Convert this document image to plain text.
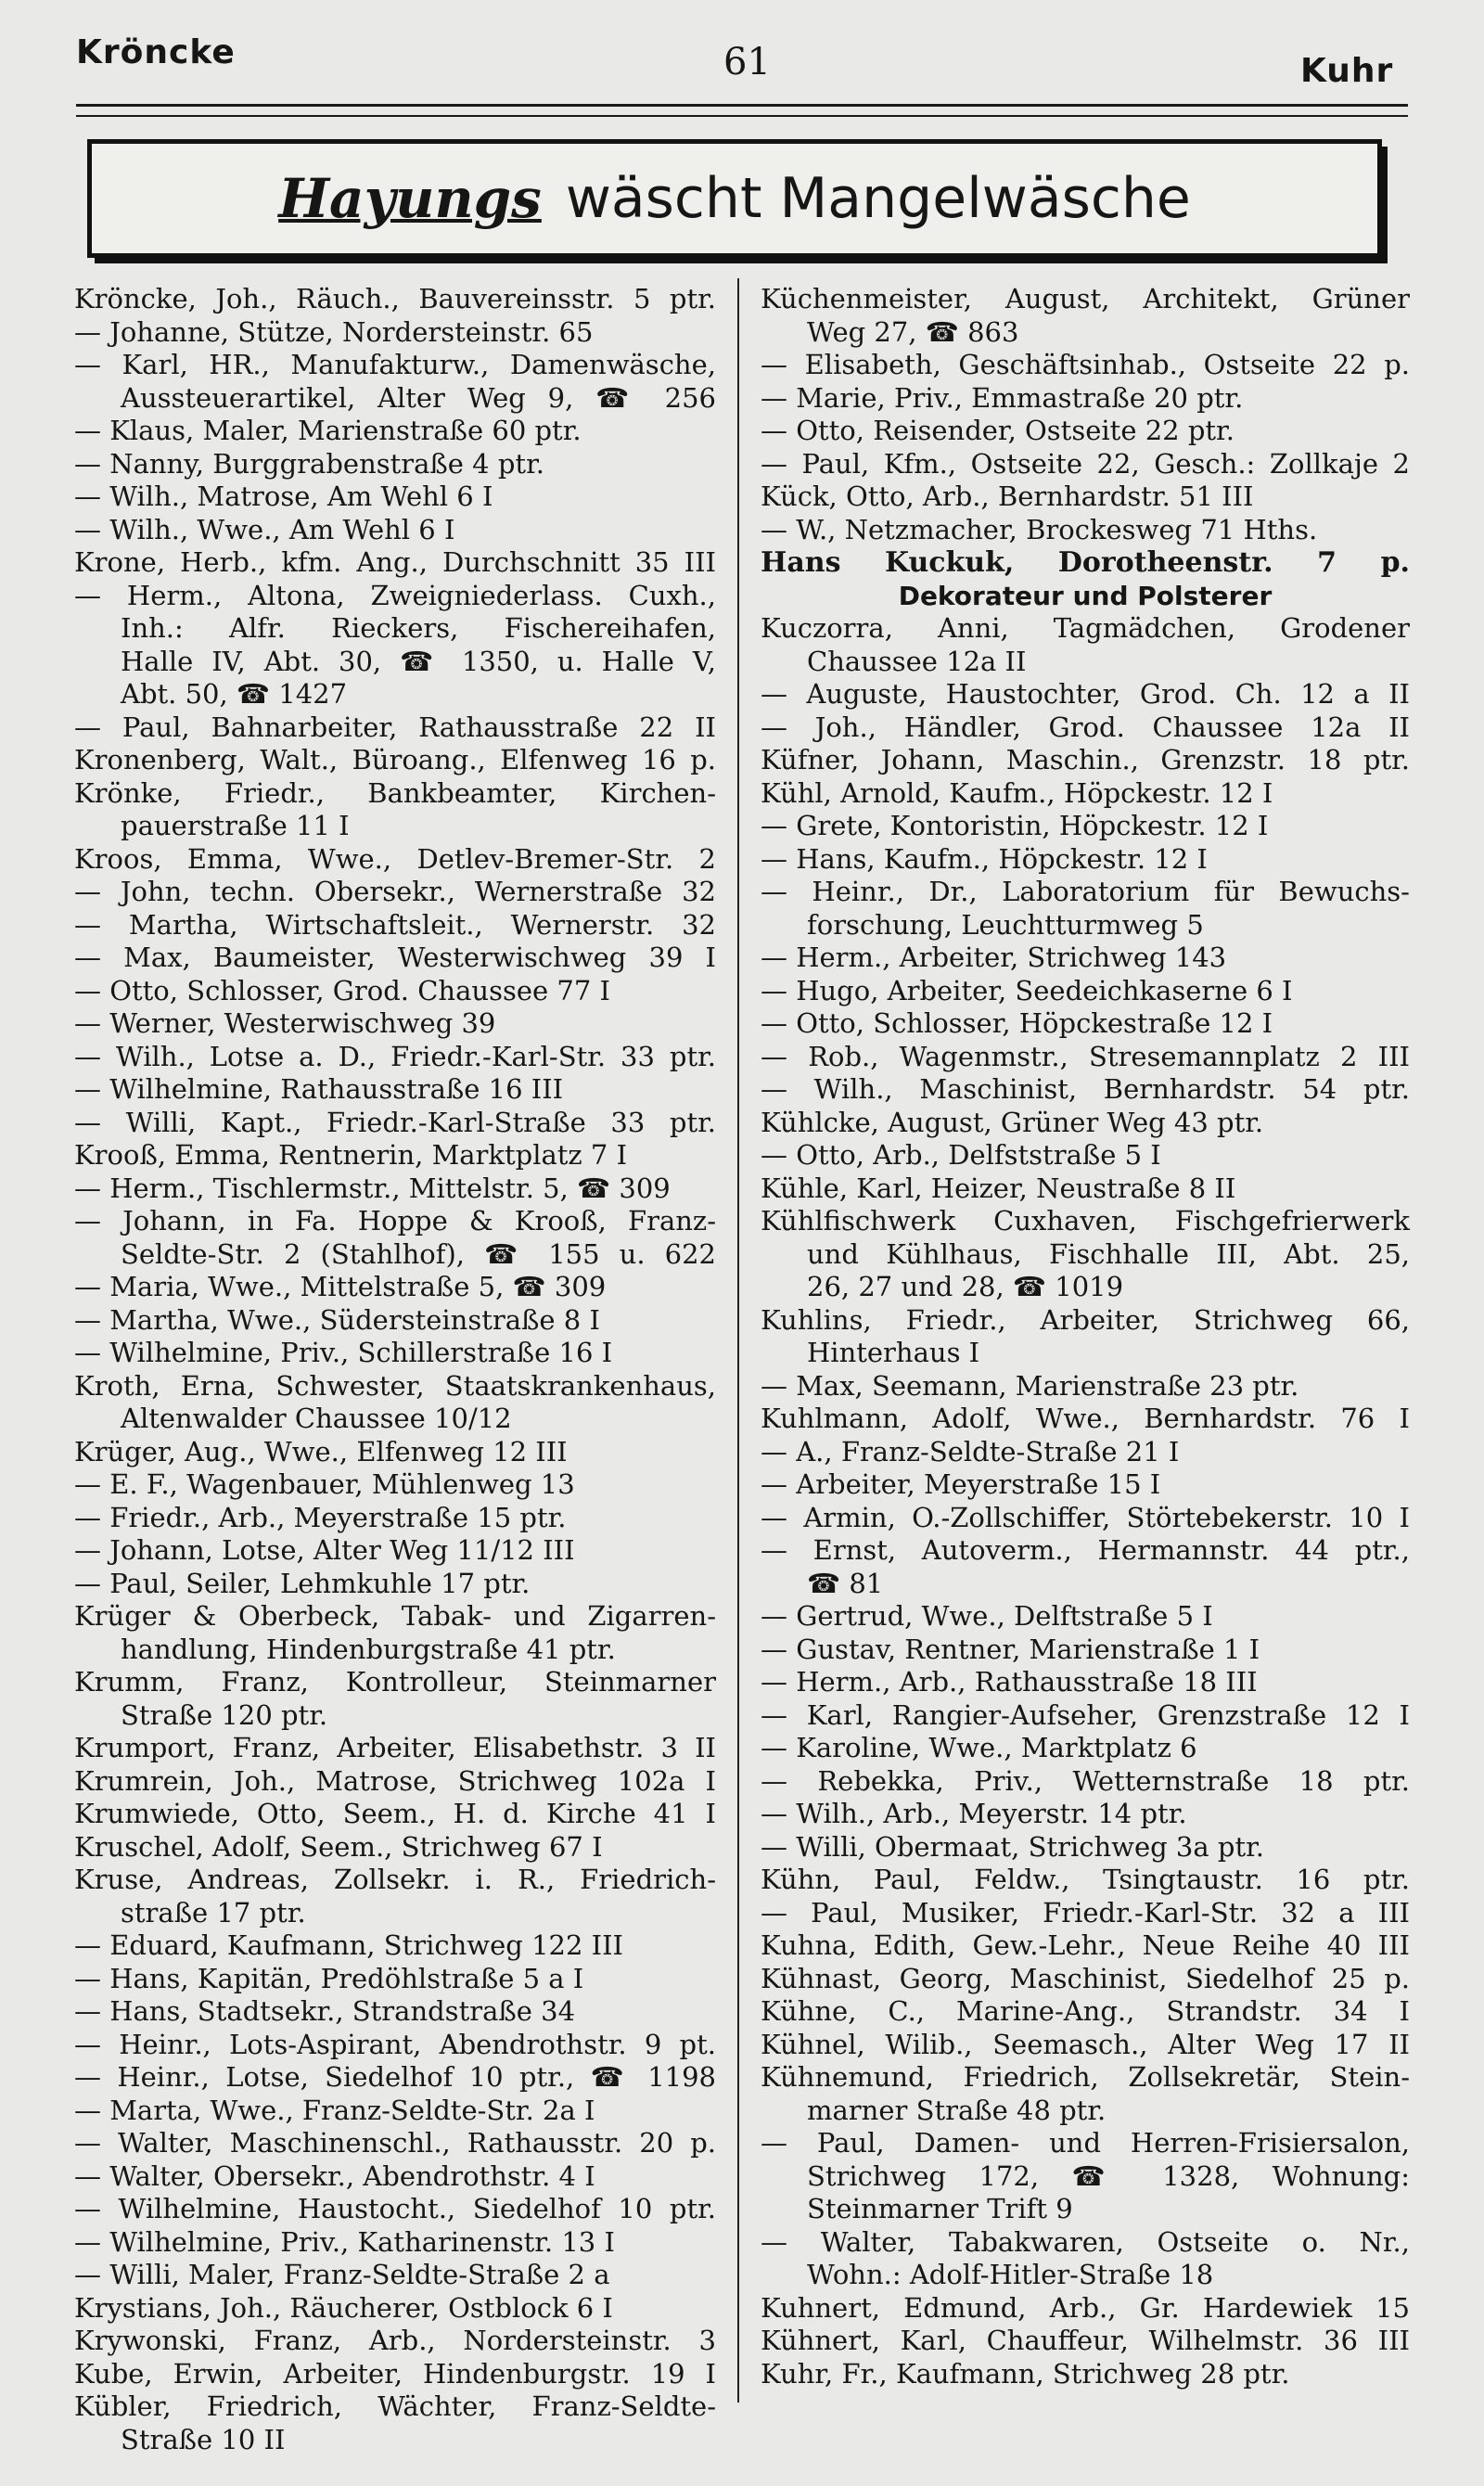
Kröncke	61	Kuhr
Hayungs wäscht Mangelwäsche
Kröncke, Joh., Räuch., Bauvereinsstr. 5 ptr.
— Johanne, Stütze, Nordersteinstr. 65
— Karl, HR., Manufakturw., Damenwäsche,
Aussteuerartikel, Alter Weg 9, ☎ 256
— Klaus, Maler, Marienstraße 60 ptr.
— Nanny, Burggrabenstraße 4 ptr.
— Wilh., Matrose, Am Wehl 6 I
— Wilh., Wwe., Am Wehl 6 I
Krone, Herb., kfm. Ang., Durchschnitt 35 III
— Herm., Altona, Zweigniederlass. Cuxh.,
Inh.: Alfr. Rieckers, Fischereihafen,
Halle IV, Abt. 30, ☎ 1350, u. Halle V,
Abt. 50, ☎ 1427
— Paul, Bahnarbeiter, Rathausstraße 22 II
Kronenberg, Walt., Büroang., Elfenweg 16 p.
Krönke, Friedr., Bankbeamter, Kirchen-
pauerstraße 11 I
Kroos, Emma, Wwe., Detlev-Bremer-Str. 2
— John, techn. Obersekr., Wernerstraße 32
— Martha, Wirtschaftsleit., Wernerstr. 32
— Max, Baumeister, Westerwischweg 39 I
— Otto, Schlosser, Grod. Chaussee 77 I
— Werner, Westerwischweg 39
— Wilh., Lotse a. D., Friedr.-Karl-Str. 33 ptr.
— Wilhelmine, Rathausstraße 16 III
— Willi, Kapt., Friedr.-Karl-Straße 33 ptr.
Krooß, Emma, Rentnerin, Marktplatz 7 I
— Herm., Tischlermstr., Mittelstr. 5, ☎ 309
— Johann, in Fa. Hoppe & Krooß, Franz-
Seldte-Str. 2 (Stahlhof), ☎ 155 u. 622
— Maria, Wwe., Mittelstraße 5, ☎ 309
— Martha, Wwe., Südersteinstraße 8 I
— Wilhelmine, Priv., Schillerstraße 16 I
Kroth, Erna, Schwester, Staatskrankenhaus,
Altenwalder Chaussee 10/12
Krüger, Aug., Wwe., Elfenweg 12 III
— E. F., Wagenbauer, Mühlenweg 13
— Friedr., Arb., Meyerstraße 15 ptr.
— Johann, Lotse, Alter Weg 11/12 III
— Paul, Seiler, Lehmkuhle 17 ptr.
Krüger & Oberbeck, Tabak- und Zigarren-
handlung, Hindenburgstraße 41 ptr.
Krumm, Franz, Kontrolleur, Steinmarner
Straße 120 ptr.
Krumport, Franz, Arbeiter, Elisabethstr. 3 II
Krumrein, Joh., Matrose, Strichweg 102a I
Krumwiede, Otto, Seem., H. d. Kirche 41 I
Kruschel, Adolf, Seem., Strichweg 67 I
Kruse, Andreas, Zollsekr. i. R., Friedrich-
straße 17 ptr.
— Eduard, Kaufmann, Strichweg 122 III
— Hans, Kapitän, Predöhlstraße 5 a I
— Hans, Stadtsekr., Strandstraße 34
— Heinr., Lots-Aspirant, Abendrothstr. 9 pt.
— Heinr., Lotse, Siedelhof 10 ptr., ☎ 1198
— Marta, Wwe., Franz-Seldte-Str. 2a I
— Walter, Maschinenschl., Rathausstr. 20 p.
— Walter, Obersekr., Abendrothstr. 4 I
— Wilhelmine, Haustocht., Siedelhof 10 ptr.
— Wilhelmine, Priv., Katharinenstr. 13 I
— Willi, Maler, Franz-Seldte-Straße 2 a
Krystians, Joh., Räucherer, Ostblock 6 I
Krywonski, Franz, Arb., Nordersteinstr. 3
Kube, Erwin, Arbeiter, Hindenburgstr. 19 I
Kübler, Friedrich, Wächter, Franz-Seldte-
Straße 10 II
Küchenmeister, August, Architekt, Grüner
Weg 27, ☎ 863
— Elisabeth, Geschäftsinhab., Ostseite 22 p.
— Marie, Priv., Emmastraße 20 ptr.
— Otto, Reisender, Ostseite 22 ptr.
— Paul, Kfm., Ostseite 22, Gesch.: Zollkaje 2
Kück, Otto, Arb., Bernhardstr. 51 III
— W., Netzmacher, Brockesweg 71 Hths.
Hans Kuckuk, Dorotheenstr. 7 p.
Dekorateur und Polsterer
Kuczorra, Anni, Tagmädchen, Grodener
Chaussee 12a II
— Auguste, Haustochter, Grod. Ch. 12 a II
— Joh., Händler, Grod. Chaussee 12a II
Küfner, Johann, Maschin., Grenzstr. 18 ptr.
Kühl, Arnold, Kaufm., Höpckestr. 12 I
— Grete, Kontoristin, Höpckestr. 12 I
— Hans, Kaufm., Höpckestr. 12 I
— Heinr., Dr., Laboratorium für Bewuchs-
forschung, Leuchtturmweg 5
— Herm., Arbeiter, Strichweg 143
— Hugo, Arbeiter, Seedeichkaserne 6 I
— Otto, Schlosser, Höpckestraße 12 I
— Rob., Wagenmstr., Stresemannplatz 2 III
— Wilh., Maschinist, Bernhardstr. 54 ptr.
Kühlcke, August, Grüner Weg 43 ptr.
— Otto, Arb., Delfststraße 5 I
Kühle, Karl, Heizer, Neustraße 8 II
Kühlfischwerk Cuxhaven, Fischgefrierwerk
und Kühlhaus, Fischhalle III, Abt. 25,
26, 27 und 28, ☎ 1019
Kuhlins, Friedr., Arbeiter, Strichweg 66,
Hinterhaus I
— Max, Seemann, Marienstraße 23 ptr.
Kuhlmann, Adolf, Wwe., Bernhardstr. 76 I
— A., Franz-Seldte-Straße 21 I
— Arbeiter, Meyerstraße 15 I
— Armin, O.-Zollschiffer, Störtebekerstr. 10 I
— Ernst, Autoverm., Hermannstr. 44 ptr.,
☎ 81
— Gertrud, Wwe., Delftstraße 5 I
— Gustav, Rentner, Marienstraße 1 I
— Herm., Arb., Rathausstraße 18 III
— Karl, Rangier-Aufseher, Grenzstraße 12 I
— Karoline, Wwe., Marktplatz 6
— Rebekka, Priv., Wetternstraße 18 ptr.
— Wilh., Arb., Meyerstr. 14 ptr.
— Willi, Obermaat, Strichweg 3a ptr.
Kühn, Paul, Feldw., Tsingtaustr. 16 ptr.
— Paul, Musiker, Friedr.-Karl-Str. 32 a III
Kuhna, Edith, Gew.-Lehr., Neue Reihe 40 III
Kühnast, Georg, Maschinist, Siedelhof 25 p.
Kühne, C., Marine-Ang., Strandstr. 34 I
Kühnel, Wilib., Seemasch., Alter Weg 17 II
Kühnemund, Friedrich, Zollsekretär, Stein-
marner Straße 48 ptr.
— Paul, Damen- und Herren-Frisiersalon,
Strichweg 172, ☎ 1328, Wohnung:
Steinmarner Trift 9
— Walter, Tabakwaren, Ostseite o. Nr.,
Wohn.: Adolf-Hitler-Straße 18
Kuhnert, Edmund, Arb., Gr. Hardewiek 15
Kühnert, Karl, Chauffeur, Wilhelmstr. 36 III
Kuhr, Fr., Kaufmann, Strichweg 28 ptr.
